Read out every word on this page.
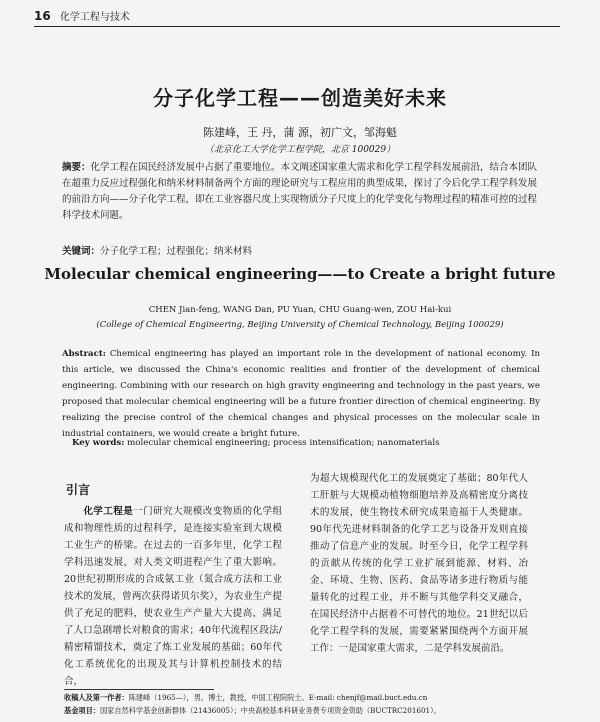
16 化学工程与技术
分子化学工程——创造美好未来
陈建峰，王 丹，蒲 源，初广文，邹海魁
（北京化工大学化学工程学院，北京 100029）
摘要：化学工程在国民经济发展中占据了重要地位。本文阐述国家重大需求和化学工程学科发展前沿，结合本团队在超重力反应过程强化和纳米材料制备两个方面的理论研究与工程应用的典型成果，探讨了今后化学工程学科发展的前沿方向——分子化学工程，即在工业容器尺度上实现物质分子尺度上的化学变化与物理过程的精准可控的过程科学技术问题。
关键词：分子化学工程；过程强化；纳米材料
Molecular chemical engineering——to Create a bright future
CHEN Jian-feng, WANG Dan, PU Yuan, CHU Guang-wen, ZOU Hai-kui
(College of Chemical Engineering, Beijing University of Chemical Technology, Beijing 100029)
Abstract: Chemical engineering has played an important role in the development of national economy. In this article, we discussed the China's economic realities and frontier of the development of chemical engineering. Combining with our research on high gravity engineering and technology in the past years, we proposed that molecular chemical engineering will be a future frontier direction of chemical engineering. By realizing the precise control of the chemical changes and physical processes on the molecular scale in industrial containers, we would create a bright future.
Key words: molecular chemical engineering; process intensification; nanomaterials
引言
化学工程是一门研究大规模改变物质的化学组成和物理性质的过程科学，是连接实验室到大规模工业生产的桥梁。在过去的一百多年里，化学工程学科迅速发展，对人类文明进程产生了重大影响。20世纪初期形成的合成氨工业（氮合成方法和工业技术的发展，曾两次获得诺贝尔奖），为农业生产提供了充足的肥料，使农业生产产量大大提高，满足了人口急剧增长对粮食的需求；40年代流程区段法/精密精馏技术，奠定了炼工业发展的基础；60年代化工系统优化的出现及其与计算机控制技术的结合，
为超大规模现代化工的发展奠定了基础；80年代人工肝脏与大规模动植物细胞培养及高精密度分离技术的发展，使生物技术研究成果造福于人类健康。90年代先进材料制备的化学工艺与设备开发则直接推动了信息产业的发展。时至今日，化学工程学科的贡献从传统的化学工业扩展到能源、材料、冶金、环境、生物、医药、食品等诸多进行物质与能量转化的过程工业，并不断与其他学科交叉融合，在国民经济中占据着不可替代的地位。21世纪以后化学工程学科的发展，需要紧紧围绕两个方面开展工作：一是国家重大需求，二是学科发展前沿。
收稿人及第一作者：陈建峰（1965—），男，博士，教授，中国工程院院士。E-mail: chenjf@mail.buct.edu.cn
基金项目：国家自然科学基金创新群体（21436005）；中央高校基本科研业务费专项资金资助（BUCTRC201601）。
